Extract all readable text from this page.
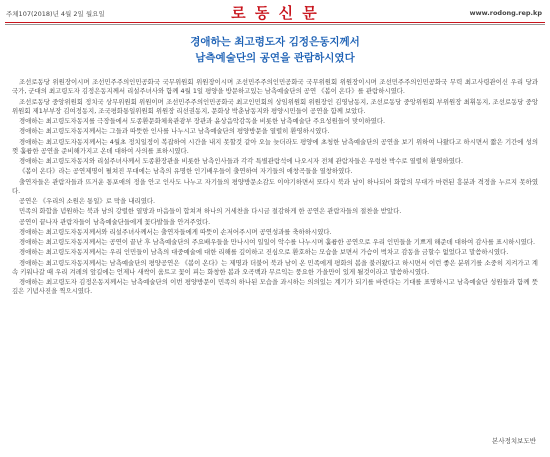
주체107(2018)년 4월 2일 월요일	로 동 신 문	www.rodong.rep.kp
경애하는 최고령도자 김정은동지께서
남측예술단의 공연을 관람하시였다

조선로동당 위원장이시며 조선민주주의인민공화국 국무위원회 위원장이시며 조선민주주의인민공화국 국무위원회 위원장이시며 조선민주주의인민공화국 무력 최고사령관이신 우리 당과 국가, 군대의 최고령도자 김정은동지께서 리설주녀사와 함께 4월 1일 평양을 방문하고있는 남측예술단의 공연 《봄이 온다》를 관람하시였다.

조선로동당 중앙위원회 정치국 상무위원회 위원이며 조선민주주의인민공화국 최고인민회의 상임위원회 위원장인 김영남동지, 조선로동당 중앙위원회 부위원장 최휘동지, 조선로동당 중앙위원회 제1부부장 김여정동지, 조국평화통일위원회 위원장 리선권동지, 문화상 박춘남동지와 평양시민들이 공연을 함께 보았다.

경애하는 최고령도자동지를 극장들에서 도종환문화체육관광부 장관과 윤상음악감독을 비롯한 남측예술단 주요성원들이 맞이하였다.

경애하는 최고령도자동지께서는 그들과 따뜻한 인사를 나누시고 남측예술단의 평양방문을 열렬히 환영하시였다.

경애하는 최고령도자동지께서는 4월초 정치일정이 복잡하여 시간을 내지 못할것 같아 오늘 늦더라도 평양에 초청한 남측예술단의 공연을 보기 위하여 나왔다고 하시면서 짧은 기간에 성의껏 훌륭한 공연을 준비해가지고 온데 대하여 사의를 표하시였다.

경애하는 최고령도자동지와 리설주녀사께서 도종환장관을 비롯한 남측인사들과 각각 특별관람석에 나오시자 전체 관람자들은 우렁찬 박수로 열렬히 환영하였다.

《봄이 온다》라는 공연제명이 펼쳐진 무대에는 남측의 유명한 인기배우들이 출연하여 자기들의 애창곡들을 열창하였다.

출연자들은 관람자들과 뜨거운 통포애의 정을 안고 인사도 나누고 자기들의 평양방문소감도 이야기하면서 또다시 북과 남이 하나되어 화합의 무대가 마련된 흥분과 격정을 누르지 못하였다.

공연은 《우리의 소원은 통일》로 막을 내리였다.

민족의 화합을 념원하는 북과 남의 강렬한 열망과 마음들이 합쳐져 하나의 거세찬을 다시금 절감하게 한 공연은 관람자들의 절찬을 받았다.

공연이 끝나자 관람자들이 남측예술단들에게 꽃다발들을 안겨주었다.

경애하는 최고령도자동지께서와 리설주녀사께서는 출연자들에게 따뜻이 손저어주시며 공연성과를 축하하시였다.

경애하는 최고령도자동지께서는 공연이 끝난 후 남측예술단의 주요배우들을 만나시여 일일이 악수를 나누시며 훌륭한 공연으로 우리 인민들을 기쁘게 해준데 대하여 감사를 표시하시였다.

경애하는 최고령도자동지께서는 우리 인민들이 남측의 대중예술에 대한 리해를 깊이하고 진심으로 환호하는 모습을 보면서 가슴이 벅차고 감동을 금할수 없었다고 말씀하시였다.

경애하는 최고령도자동지께서는 남측예술단의 평양공연은 《봄이 온다》는 제명과 더불어 북과 남이 온 민족에게 평화의 봄을 불러왔다고 하시면서 이런 좋은 분위기를 소중히 지켜가고 계속 키워나갈 때 우리 겨레의 앞길에는 언제나 새싹이 움트고 꽃이 피는 화창한 봄과 오곡백과 무르익는 풍요한 가을만이 있게 될것이라고 말씀하시였다.

경애하는 최고령도자 김정은동지께서는 남측예술단의 이번 평양방문이 민족의 하나된 모습을 과시하는 의의있는 계기가 되기를 바란다는 기대를 표명하시고 남측예술단 성원들과 함께 뜻깊은 기념사진을 찍으시였다.

본사정치보도반
